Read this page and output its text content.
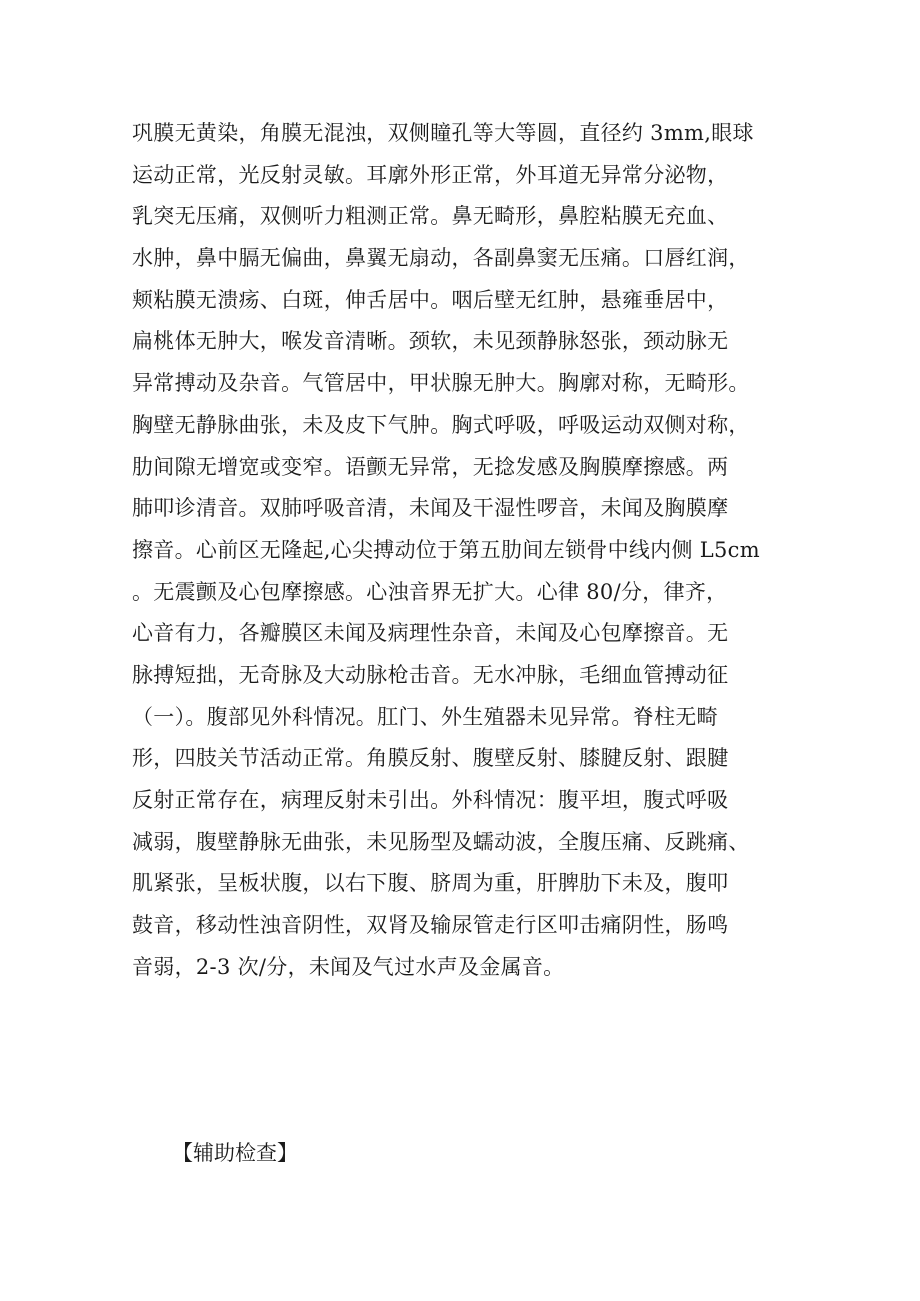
巩膜无黄染，角膜无混浊，双侧瞳孔等大等圆，直径约 3mm,眼球
运动正常，光反射灵敏。耳廓外形正常，外耳道无异常分泌物，
乳突无压痛，双侧听力粗测正常。鼻无畸形，鼻腔粘膜无充血、
水肿，鼻中膈无偏曲，鼻翼无扇动，各副鼻窦无压痛。口唇红润，
颊粘膜无溃疡、白斑，伸舌居中。咽后壁无红肿，悬雍垂居中，
扁桃体无肿大，喉发音清晰。颈软，未见颈静脉怒张，颈动脉无
异常搏动及杂音。气管居中，甲状腺无肿大。胸廓对称，无畸形。
胸壁无静脉曲张，未及皮下气肿。胸式呼吸，呼吸运动双侧对称，
肋间隙无增宽或变窄。语颤无异常，无捻发感及胸膜摩擦感。两
肺叩诊清音。双肺呼吸音清，未闻及干湿性啰音，未闻及胸膜摩
擦音。心前区无隆起,心尖搏动位于第五肋间左锁骨中线内侧 L5cm
。无震颤及心包摩擦感。心浊音界无扩大。心律 80/分，律齐，
心音有力，各瓣膜区未闻及病理性杂音，未闻及心包摩擦音。无
脉搏短拙，无奇脉及大动脉枪击音。无水冲脉，毛细血管搏动征
（一）。腹部见外科情况。肛门、外生殖器未见异常。脊柱无畸
形，四肢关节活动正常。角膜反射、腹壁反射、膝腱反射、跟腱
反射正常存在，病理反射未引出。外科情况：腹平坦，腹式呼吸
减弱，腹壁静脉无曲张，未见肠型及蠕动波，全腹压痛、反跳痛、
肌紧张，呈板状腹，以右下腹、脐周为重，肝脾肋下未及，腹叩
鼓音，移动性浊音阴性，双肾及输尿管走行区叩击痛阴性，肠鸣
音弱，2-3 次/分，未闻及气过水声及金属音。
【辅助检查】
